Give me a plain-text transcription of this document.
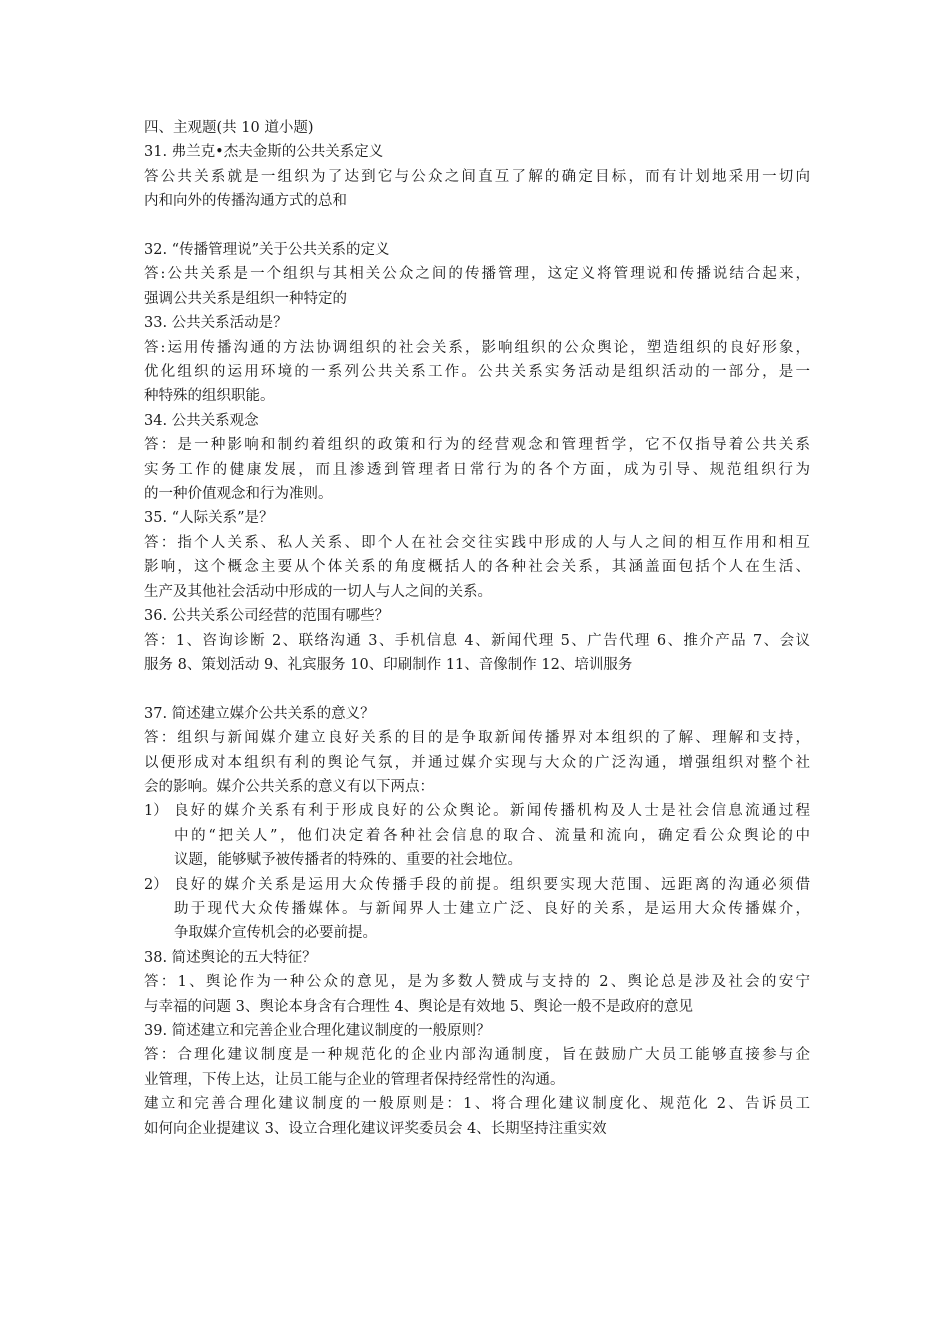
四、主观题(共 10 道小题)
31. 弗兰克•杰夫金斯的公共关系定义
答公共关系就是一组织为了达到它与公众之间直互了解的确定目标，而有计划地采用一切向
内和向外的传播沟通方式的总和
32. “传播管理说”关于公共关系的定义
答:公共关系是一个组织与其相关公众之间的传播管理，这定义将管理说和传播说结合起来，
强调公共关系是组织一种特定的
33. 公共关系活动是？
答:运用传播沟通的方法协调组织的社会关系，影响组织的公众舆论，塑造组织的良好形象，
优化组织的运用环境的一系列公共关系工作。公共关系实务活动是组织活动的一部分，是一
种特殊的组织职能。
34. 公共关系观念
答：是一种影响和制约着组织的政策和行为的经营观念和管理哲学，它不仅指导着公共关系
实务工作的健康发展，而且渗透到管理者日常行为的各个方面，成为引导、规范组织行为
的一种价值观念和行为准则。
35. “人际关系”是？
答：指个人关系、私人关系、即个人在社会交往实践中形成的人与人之间的相互作用和相互
影响，这个概念主要从个体关系的角度概括人的各种社会关系，其涵盖面包括个人在生活、
生产及其他社会活动中形成的一切人与人之间的关系。
36. 公共关系公司经营的范围有哪些？
答：1、咨询诊断 2、联络沟通 3、手机信息 4、新闻代理 5、广告代理 6、推介产品 7、会议
服务 8、策划活动 9、礼宾服务 10、印刷制作 11、音像制作 12、培训服务
37. 简述建立媒介公共关系的意义？
答：组织与新闻媒介建立良好关系的目的是争取新闻传播界对本组织的了解、理解和支持，
以便形成对本组织有利的舆论气氛，并通过媒介实现与大众的广泛沟通，增强组织对整个社
会的影响。媒介公共关系的意义有以下两点：
1） 良好的媒介关系有利于形成良好的公众舆论。新闻传播机构及人士是社会信息流通过程
中的“把关人”，他们决定着各种社会信息的取合、流量和流向，确定看公众舆论的中
议题，能够赋予被传播者的特殊的、重要的社会地位。
2） 良好的媒介关系是运用大众传播手段的前提。组织要实现大范围、远距离的沟通必须借
助于现代大众传播媒体。与新闻界人士建立广泛、良好的关系，是运用大众传播媒介，
争取媒介宣传机会的必要前提。
38. 简述舆论的五大特征？
答：1、舆论作为一种公众的意见，是为多数人赞成与支持的 2、舆论总是涉及社会的安宁
与幸福的问题 3、舆论本身含有合理性 4、舆论是有效地 5、舆论一般不是政府的意见
39. 简述建立和完善企业合理化建议制度的一般原则？
答：合理化建议制度是一种规范化的企业内部沟通制度，旨在鼓励广大员工能够直接参与企
业管理，下传上达，让员工能与企业的管理者保持经常性的沟通。
建立和完善合理化建议制度的一般原则是：1、将合理化建议制度化、规范化 2、告诉员工
如何向企业提建议 3、设立合理化建议评奖委员会 4、长期坚持注重实效
